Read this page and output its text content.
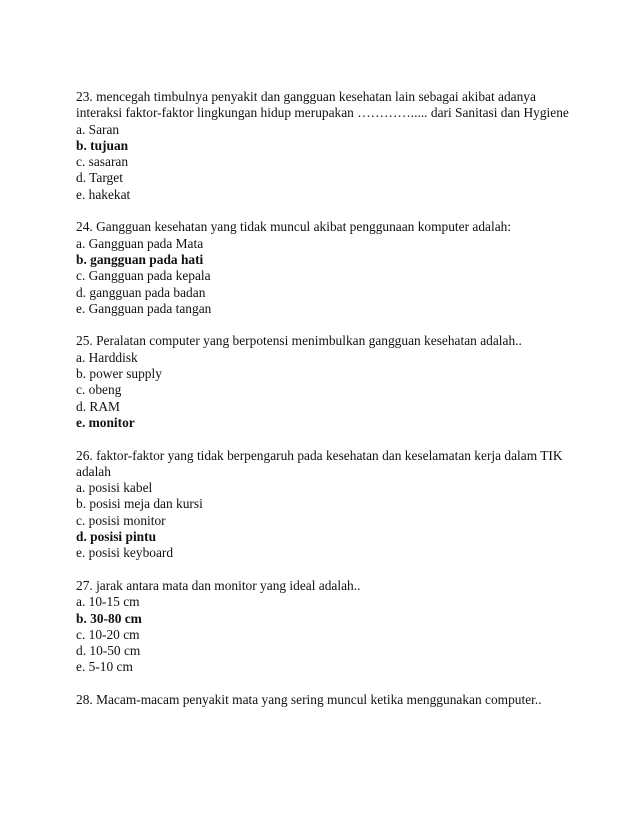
23. mencegah timbulnya penyakit dan gangguan kesehatan lain sebagai akibat adanya interaksi faktor-faktor lingkungan hidup merupakan …………..... dari Sanitasi dan Hygiene
a. Saran
b. tujuan
c. sasaran
d. Target
e. hakekat
24. Gangguan kesehatan yang tidak muncul akibat penggunaan komputer adalah:
a. Gangguan pada Mata
b. gangguan pada hati
c. Gangguan pada kepala
d. gangguan pada badan
e. Gangguan pada tangan
25. Peralatan computer yang berpotensi menimbulkan gangguan kesehatan adalah..
a. Harddisk
b. power supply
c. obeng
d. RAM
e. monitor
26. faktor-faktor yang tidak berpengaruh pada kesehatan dan keselamatan kerja dalam TIK adalah
a. posisi kabel
b. posisi meja dan kursi
c. posisi monitor
d. posisi pintu
e. posisi keyboard
27. jarak antara mata dan monitor yang ideal adalah..
a. 10-15 cm
b. 30-80 cm
c. 10-20 cm
d. 10-50 cm
e. 5-10 cm
28. Macam-macam penyakit mata yang sering muncul ketika menggunakan computer..
